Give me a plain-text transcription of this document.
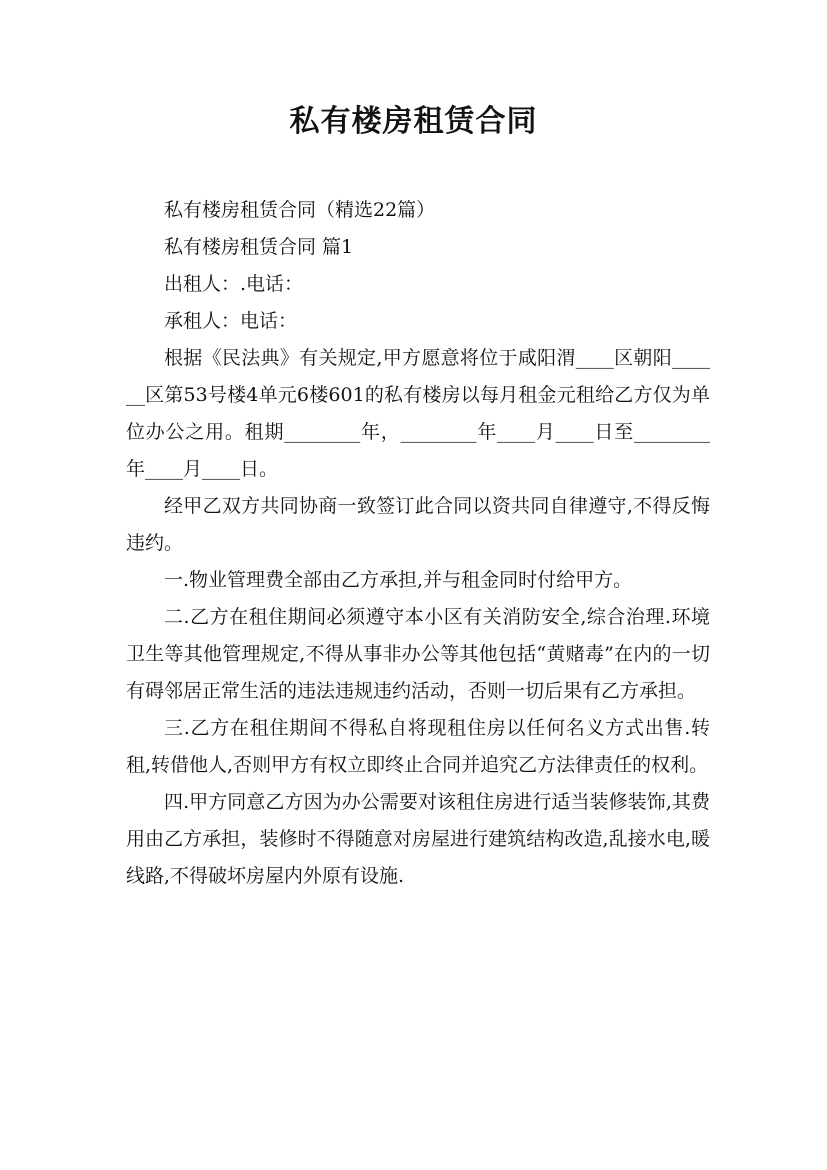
私有楼房租赁合同

私有楼房租赁合同（精选22篇）

私有楼房租赁合同 篇1

出租人：.电话：

承租人：电话：

根据《民法典》有关规定,甲方愿意将位于咸阳渭____区朝阳______区第53号楼4单元6楼601的私有楼房以每月租金元租给乙方仅为单位办公之用。租期________年，________年____月____日至________年____月____日。

经甲乙双方共同协商一致签订此合同以资共同自律遵守,不得反悔违约。

一.物业管理费全部由乙方承担,并与租金同时付给甲方。

二.乙方在租住期间必须遵守本小区有关消防安全,综合治理.环境卫生等其他管理规定,不得从事非办公等其他包括“黄赌毒”在内的一切有碍邻居正常生活的违法违规违约活动，否则一切后果有乙方承担。

三.乙方在租住期间不得私自将现租住房以任何名义方式出售.转租,转借他人,否则甲方有权立即终止合同并追究乙方法律责任的权利。

四.甲方同意乙方因为办公需要对该租住房进行适当装修装饰,其费用由乙方承担，装修时不得随意对房屋进行建筑结构改造,乱接水电,暖线路,不得破坏房屋内外原有设施.
